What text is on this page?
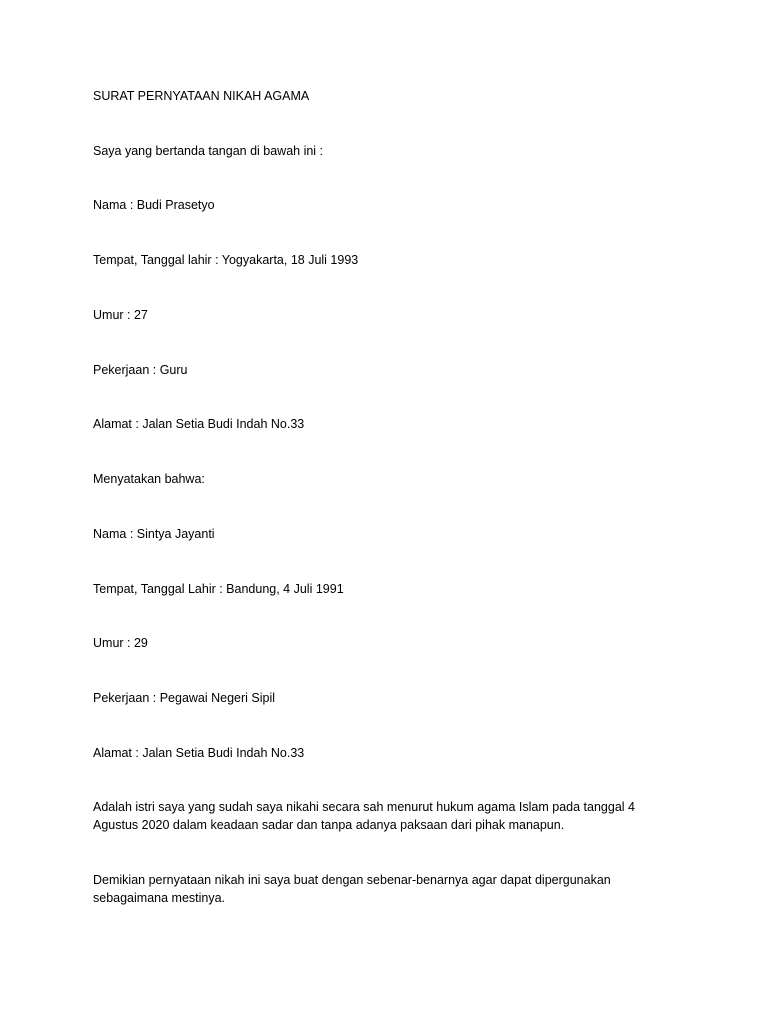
SURAT PERNYATAAN NIKAH AGAMA
Saya yang bertanda tangan di bawah ini :
Nama : Budi Prasetyo
Tempat, Tanggal lahir : Yogyakarta, 18 Juli 1993
Umur : 27
Pekerjaan : Guru
Alamat : Jalan Setia Budi Indah No.33
Menyatakan bahwa:
Nama : Sintya Jayanti
Tempat, Tanggal Lahir : Bandung, 4 Juli 1991
Umur : 29
Pekerjaan : Pegawai Negeri Sipil
Alamat : Jalan Setia Budi Indah No.33
Adalah istri saya yang sudah saya nikahi secara sah menurut hukum agama Islam pada tanggal 4 Agustus 2020 dalam keadaan sadar dan tanpa adanya paksaan dari pihak manapun.
Demikian pernyataan nikah ini saya buat dengan sebenar-benarnya agar dapat dipergunakan sebagaimana mestinya.
